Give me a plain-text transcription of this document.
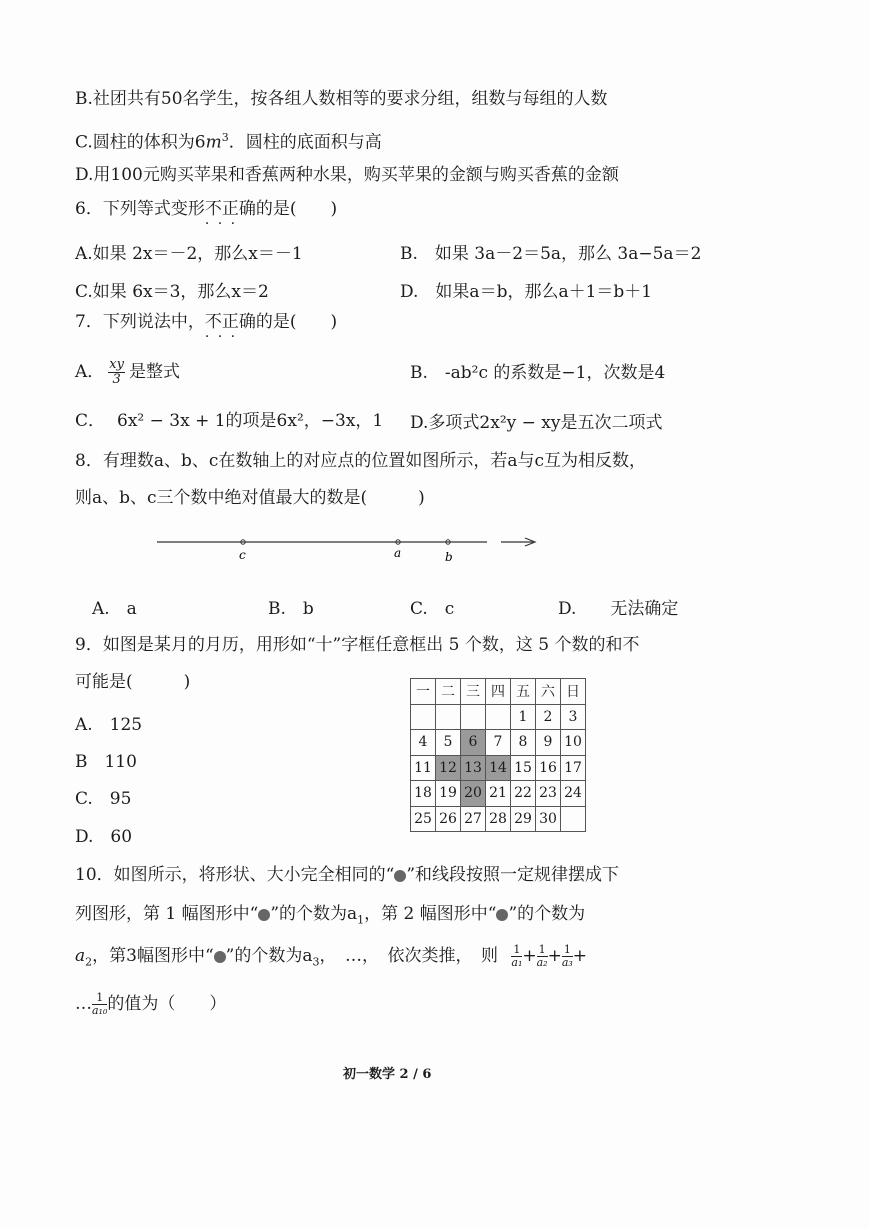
B.社团共有50名学生，按各组人数相等的要求分组，组数与每组的人数
C.圆柱的体积为$6m^3$．圆柱的底面积与高
D.用100元购买苹果和香蕉两种水果，购买苹果的金额与购买香蕉的金额
6．下列等式变形不正确 · · ·的是(　　)
A.如果 2x＝－2，那么x＝－1	B.　如果 3a－2＝5a，那么 3a−5a＝2
C.如果 6x＝3，那么x＝2	D.　如果a＝b，那么a＋1＝b＋1
7．下列说法中，不正确 · · ·的是(　　)
A． $\frac{xy}{3}$ 是整式	B.　-ab²c 的系数是−1，次数是4
C． 6x² − 3x + 1的项是6x²，−3x，1 D.多项式2x²y − xy是五次二项式
8．有理数a、b、c在数轴上的对应点的位置如图所示，若a与c互为相反数，
则a、b、c三个数中绝对值最大的数是(　　　)
c	a	b
A.　a	B.　b	C.　c	D.　　无法确定
9．如图是某月的月历，用形如“十”字框任意框出 5 个数，这 5 个数的和不
可能是(　　　)
A.　125
B　110
C.　95
D.　60
一	二	三	四	五	六	日
				1	2	3
4	5	6	7	8	9	10
11	12	13	14	15	16	17
18	19	20	21	22	23	24
25	26	27	28	29	30	
10．如图所示，将形状、大小完全相同的“ ”和线段按照一定规律摆成下
列图形，第 1 幅图形中“ ”的个数为$a_1$，第 2 幅图形中“ ”的个数为
$a_2$，第3幅图形中“ ”的个数为$a_3$，　…，　依次类推，　则 $\frac{1}{\text{a₁}} + \frac{1}{\text{a₂}} + \frac{1}{\text{a₃}}$ +
… $\frac{1}{\text{a₁₀}}$ 的值为（　　）
初一数学 2 / 6
